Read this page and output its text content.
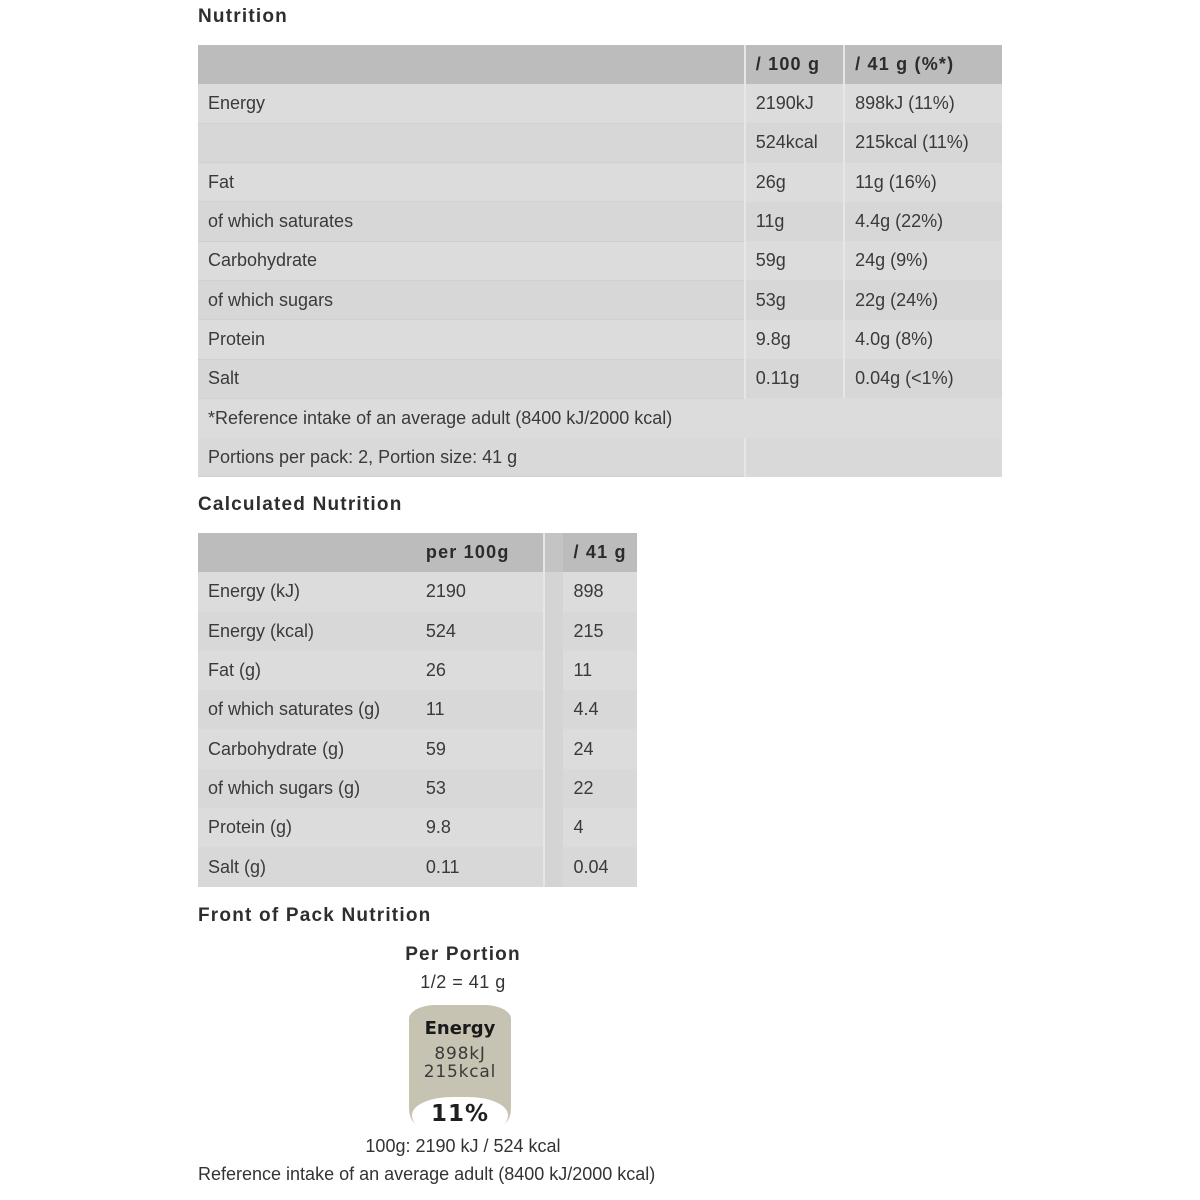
Nutrition
	/ 100 g	/ 41 g (%*)
Energy	2190kJ	898kJ (11%)
	524kcal	215kcal (11%)
Fat	26g	11g (16%)
of which saturates	11g	4.4g (22%)
Carbohydrate	59g	24g (9%)
of which sugars	53g	22g (24%)
Protein	9.8g	4.0g (8%)
Salt	0.11g	0.04g (<1%)
*Reference intake of an average adult (8400 kJ/2000 kcal)		
Portions per pack: 2, Portion size: 41 g		
Calculated Nutrition
	per 100g		/ 41 g
Energy (kJ)	2190		898
Energy (kcal)	524		215
Fat (g)	26		11
of which saturates (g)	11		4.4
Carbohydrate (g)	59		24
of which sugars (g)	53		22
Protein (g)	9.8		4
Salt (g)	0.11		0.04
Front of Pack Nutrition
Per Portion
1/2 = 41 g
Energy
898kJ
215kcal
11%
100g: 2190 kJ / 524 kcal
Reference intake of an average adult (8400 kJ/2000 kcal)
